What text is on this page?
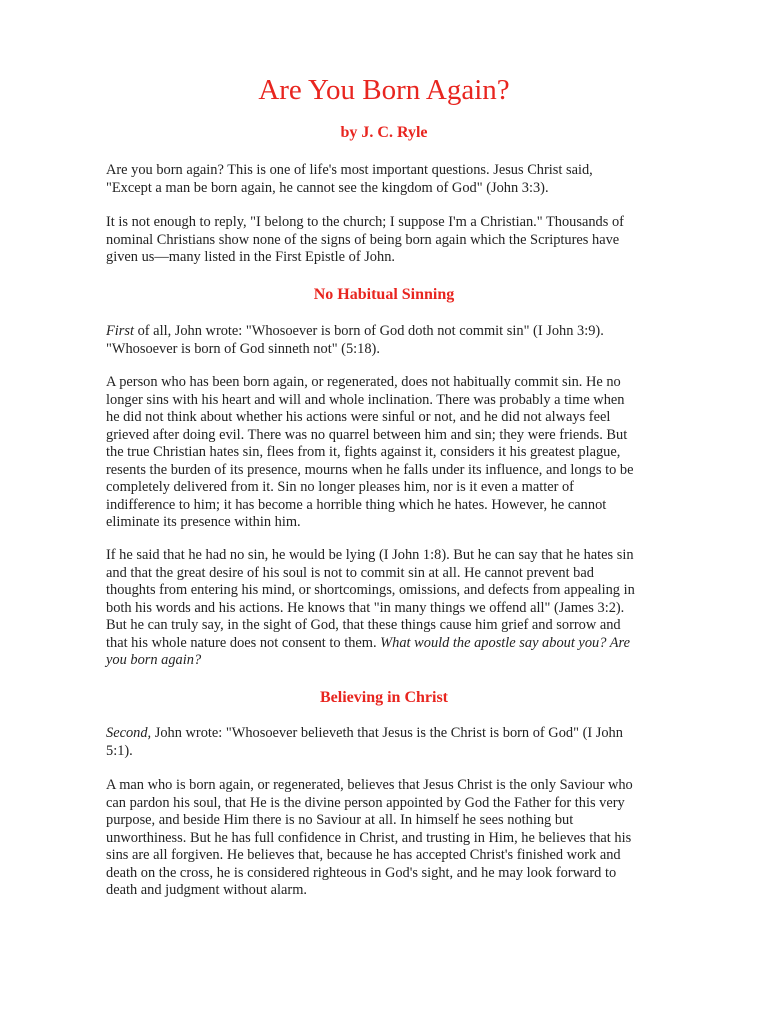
Are You Born Again?

by J. C. Ryle

Are you born again? This is one of life's most important questions. Jesus Christ said,
"Except a man be born again, he cannot see the kingdom of God" (John 3:3).

It is not enough to reply, "I belong to the church; I suppose I'm a Christian." Thousands of
nominal Christians show none of the signs of being born again which the Scriptures have
given us—many listed in the First Epistle of John.

No Habitual Sinning

First of all, John wrote: "Whosoever is born of God doth not commit sin" (I John 3:9).
"Whosoever is born of God sinneth not" (5:18).

A person who has been born again, or regenerated, does not habitually commit sin. He no
longer sins with his heart and will and whole inclination. There was probably a time when
he did not think about whether his actions were sinful or not, and he did not always feel
grieved after doing evil. There was no quarrel between him and sin; they were friends. But
the true Christian hates sin, flees from it, fights against it, considers it his greatest plague,
resents the burden of its presence, mourns when he falls under its influence, and longs to be
completely delivered from it. Sin no longer pleases him, nor is it even a matter of
indifference to him; it has become a horrible thing which he hates. However, he cannot
eliminate its presence within him.

If he said that he had no sin, he would be lying (I John 1:8). But he can say that he hates sin
and that the great desire of his soul is not to commit sin at all. He cannot prevent bad
thoughts from entering his mind, or shortcomings, omissions, and defects from appealing in
both his words and his actions. He knows that "in many things we offend all" (James 3:2).
But he can truly say, in the sight of God, that these things cause him grief and sorrow and
that his whole nature does not consent to them. What would the apostle say about you? Are
you born again?

Believing in Christ

Second, John wrote: "Whosoever believeth that Jesus is the Christ is born of God" (I John
5:1).

A man who is born again, or regenerated, believes that Jesus Christ is the only Saviour who
can pardon his soul, that He is the divine person appointed by God the Father for this very
purpose, and beside Him there is no Saviour at all. In himself he sees nothing but
unworthiness. But he has full confidence in Christ, and trusting in Him, he believes that his
sins are all forgiven. He believes that, because he has accepted Christ's finished work and
death on the cross, he is considered righteous in God's sight, and he may look forward to
death and judgment without alarm.
